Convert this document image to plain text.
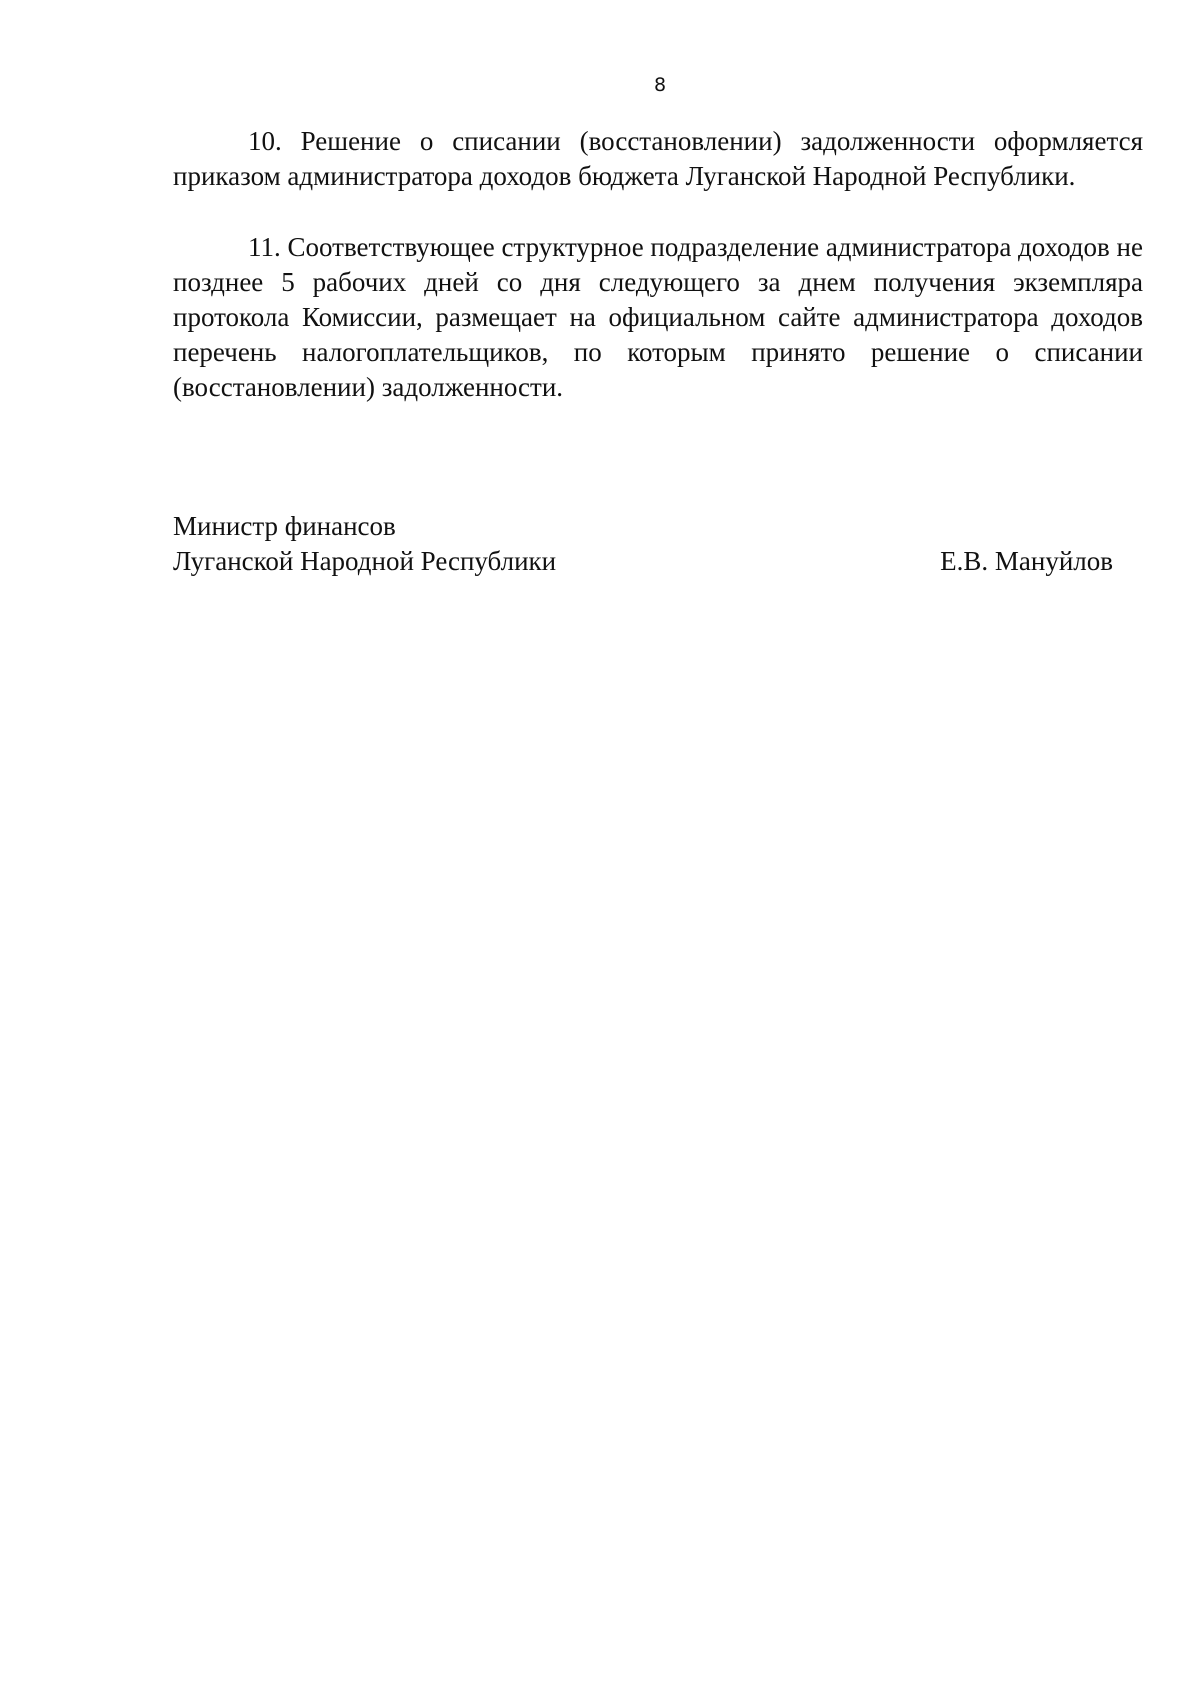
8

10. Решение о списании (восстановлении) задолженности оформляется приказом администратора доходов бюджета Луганской Народной Республики.

11. Соответствующее структурное подразделение администратора доходов не позднее 5 рабочих дней со дня следующего за днем получения экземпляра протокола Комиссии, размещает на официальном сайте администратора доходов перечень налогоплательщиков, по которым принято решение о списании (восстановлении) задолженности.

Министр финансов
Луганской Народной Республики	Е.В. Мануйлов
